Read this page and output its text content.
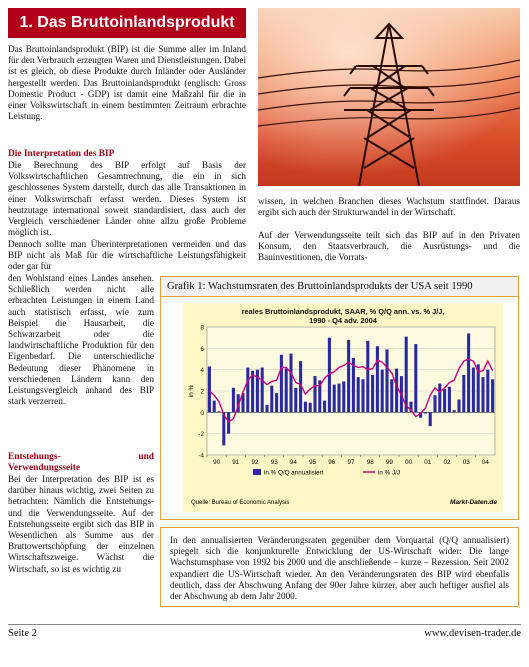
1. Das Bruttoinlandsprodukt

Das Bruttoinlandsprodukt (BIP) ist die Summe aller im Inland für den Verbrauch erzeugten Waren und Dienstleistungen. Dabei ist es gleich, ob diese Produkte durch Inländer oder Ausländer hergestellt werden. Das Bruttoinlandsprodukt (englisch: Gross Domestic Product - GDP) ist damit eine Maßzahl für die in einer Volkswirtschaft in einem bestimmten Zeitraum erbrachte Leistung.

Die Interpretation des BIP

Die Berechnung des BIP erfolgt auf Basis der Volkswirtschaftlichen Gesamtrechnung, die ein in sich geschlossenes System darstellt, durch das alle Transaktionen in einer Volkswirtschaft erfasst werden. Dieses System ist heutzutage international soweit standardisiert, dass auch der Vergleich verschiedener Länder ohne allzu große Probleme möglich ist.

Dennoch sollte man Überinterpretationen vermeiden und das BIP nicht als Maß für die wirtschaftliche Leistungsfähigkeit oder gar für

den Wohlstand eines Landes ansehen. Schließlich werden nicht alle erbrachten Leistungen in einem Land auch statistisch erfasst, wie zum Beispiel die Hausarbeit, die Schwarzarbeit oder die landwirtschaftliche Produktion für den Eigenbedarf. Die unterschiedliche Bedeutung dieser Phänomene in verschiedenen Ländern kann den Leistungsvergleich anhand des BIP stark verzerren.

Entstehungs- und

Verwendungsseite

Bei der Interpretation des BIP ist es darüber hinaus wichtig, zwei Seiten zu betrachten: Nämlich die Entstehungs- und die Verwendungsseite. Auf der Entstehungsseite ergibt sich das BIP in Wesentlichen als Summe aus der Bruttowertschöpfung der einzelnen Wirtschaftszweige. Wächst die Wirtschaft, so ist es wichtig zu

wissen, in welchen Branchen dieses Wachstum stattfindet. Daraus ergibt sich auch der Strukturwandel in der Wirtschaft.

Auf der Verwendungsseite teilt sich das BIP auf in den Privaten Konsum, den Staatsverbrauch, die Ausrüstungs- und die Bauinvestitionen, die Vorrats-

Grafik 1: Wachstumsraten des Bruttoinlandsprodukts der USA seit 1990
reales Bruttoinlandsprodukt, SAAR, % Q/Q ann. vs. % J/J,
1990 - Q4 adv. 2004
-4
-2
0
2
4
6
8
in %
90 91 92 93 94 95 96 97 98 99 00 01 02 03 04
in % Q/Q annualisiert	in % J/J
Quelle: Bureau of Economic Analysis	Markt-Daten.de

In den annualisierten Veränderungsraten gegenüber dem Vorquartal (Q/Q annualisiert) spiegelt sich die konjunkturelle Entwicklung der US-Wirtschaft wider: Die lange Wachstumsphase von 1992 bis 2000 und die anschließende – kurze – Rezession. Seit 2002 expandiert die US-Wirtschaft wieder. An den Veränderungsraten des BIP wird ebenfalls deutlich, dass der Abschwung Anfang der 90er Jahre kürzer, aber auch heftiger ausfiel als der Abschwung ab dem Jahr 2000.

Seite 2	www.devisen-trader.de
